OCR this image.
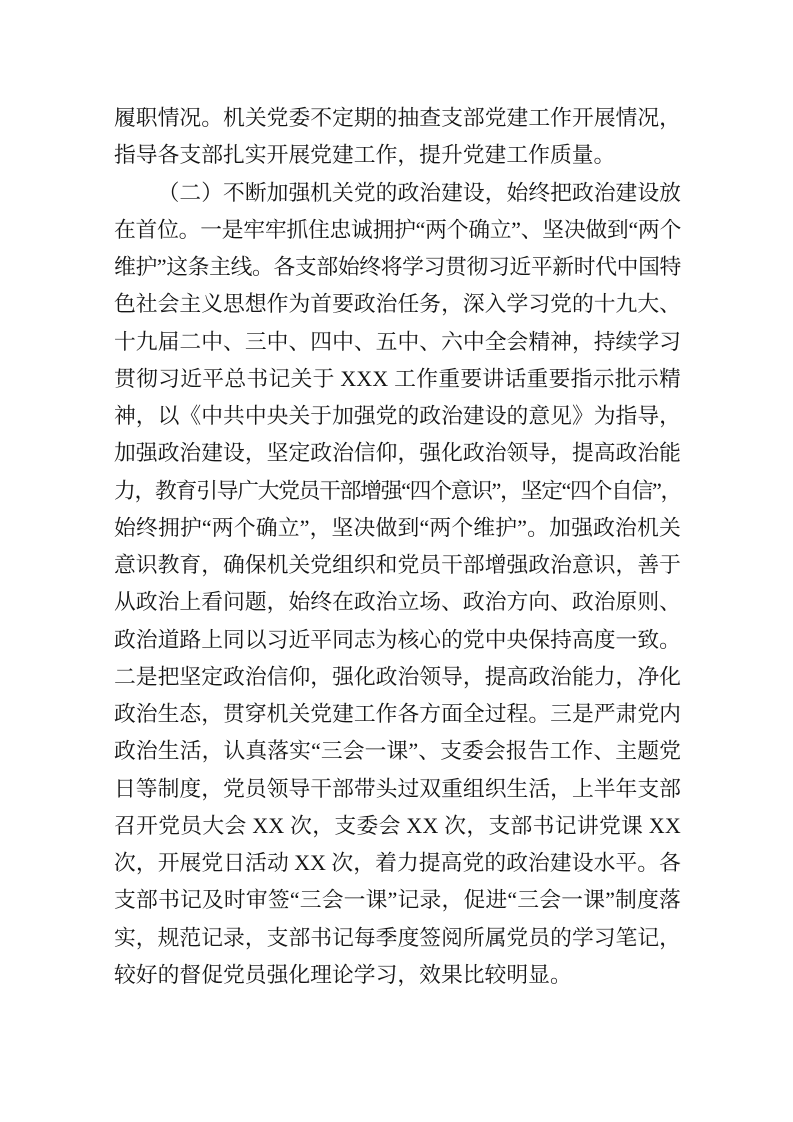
履职情况。机关党委不定期的抽查支部党建工作开展情况，
指导各支部扎实开展党建工作，提升党建工作质量。
（二）不断加强机关党的政治建设，始终把政治建设放
在首位。一是牢牢抓住忠诚拥护“两个确立”、坚决做到“两个
维护”这条主线。各支部始终将学习贯彻习近平新时代中国特
色社会主义思想作为首要政治任务，深入学习党的十九大、
十九届二中、三中、四中、五中、六中全会精神，持续学习
贯彻习近平总书记关于 XXX 工作重要讲话重要指示批示精
神，以《中共中央关于加强党的政治建设的意见》为指导，
加强政治建设，坚定政治信仰，强化政治领导，提高政治能
力，教育引导广大党员干部增强“四个意识”，坚定“四个自信”，
始终拥护“两个确立”，坚决做到“两个维护”。加强政治机关
意识教育，确保机关党组织和党员干部增强政治意识，善于
从政治上看问题，始终在政治立场、政治方向、政治原则、
政治道路上同以习近平同志为核心的党中央保持高度一致。
二是把坚定政治信仰，强化政治领导，提高政治能力，净化
政治生态，贯穿机关党建工作各方面全过程。三是严肃党内
政治生活，认真落实“三会一课”、支委会报告工作、主题党
日等制度，党员领导干部带头过双重组织生活，上半年支部
召开党员大会 XX 次，支委会 XX 次，支部书记讲党课 XX
次，开展党日活动 XX 次，着力提高党的政治建设水平。各
支部书记及时审签“三会一课”记录，促进“三会一课”制度落
实，规范记录，支部书记每季度签阅所属党员的学习笔记，
较好的督促党员强化理论学习，效果比较明显。
